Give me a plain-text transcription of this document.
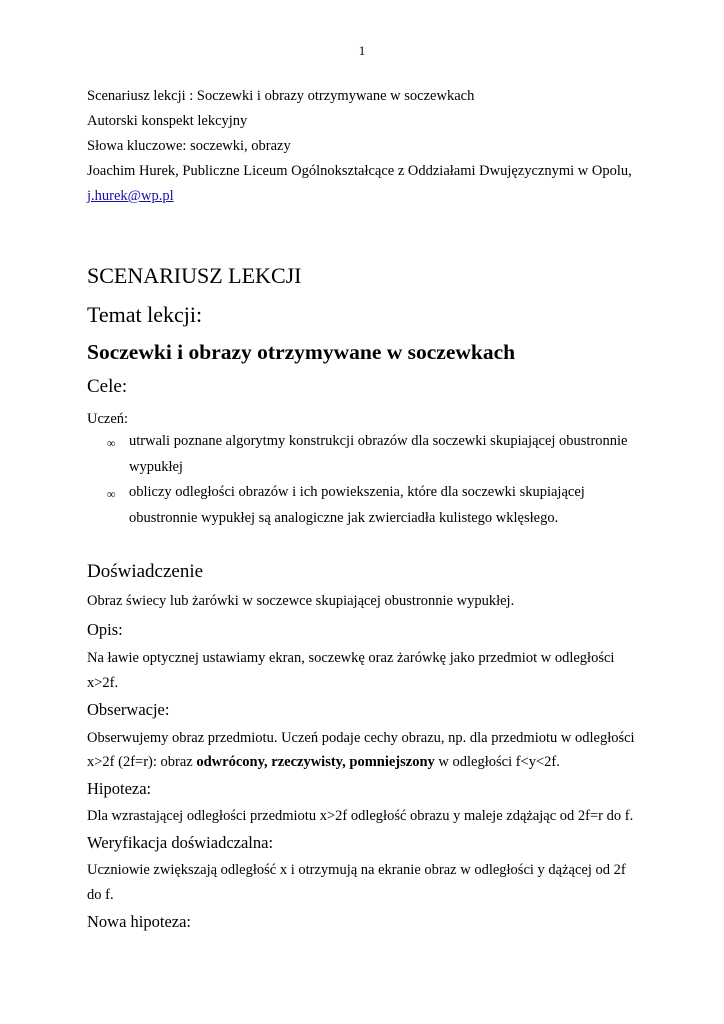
1

Scenariusz lekcji : Soczewki i obrazy otrzymywane w soczewkach

Autorski konspekt lekcyjny

Słowa kluczowe: soczewki, obrazy

Joachim Hurek, Publiczne Liceum Ogólnokształcące z Oddziałami Dwujęzycznymi w Opolu,

j.hurek@wp.pl

SCENARIUSZ LEKCJI
Temat lekcji:
Soczewki i obrazy otrzymywane w soczewkach
Cele:

Uczeń:

∞ utrwali poznane algorytmy konstrukcji obrazów dla soczewki skupiającej obustronnie

wypukłej

∞ obliczy odległości obrazów i ich powiekszenia, które dla soczewki skupiającej

obustronnie wypukłej są analogiczne jak zwierciadła kulistego wklęsłego.

Doświadczenie

Obraz świecy lub żarówki w soczewce skupiającej obustronnie wypukłej.

Opis:

Na ławie optycznej ustawiamy ekran, soczewkę oraz żarówkę jako przedmiot w odległości

x>2f.

Obserwacje:

Obserwujemy obraz przedmiotu. Uczeń podaje cechy obrazu, np. dla przedmiotu w odległości

x>2f (2f=r): obraz odwrócony, rzeczywisty, pomniejszony w odległości f<y<2f.

Hipoteza:

Dla wzrastającej odległości przedmiotu x>2f odległość obrazu y maleje zdążając od 2f=r do f.

Weryfikacja doświadczalna:

Uczniowie zwiększają odległość x i otrzymują na ekranie obraz w odległości y dążącej od 2f

do f.

Nowa hipoteza:
